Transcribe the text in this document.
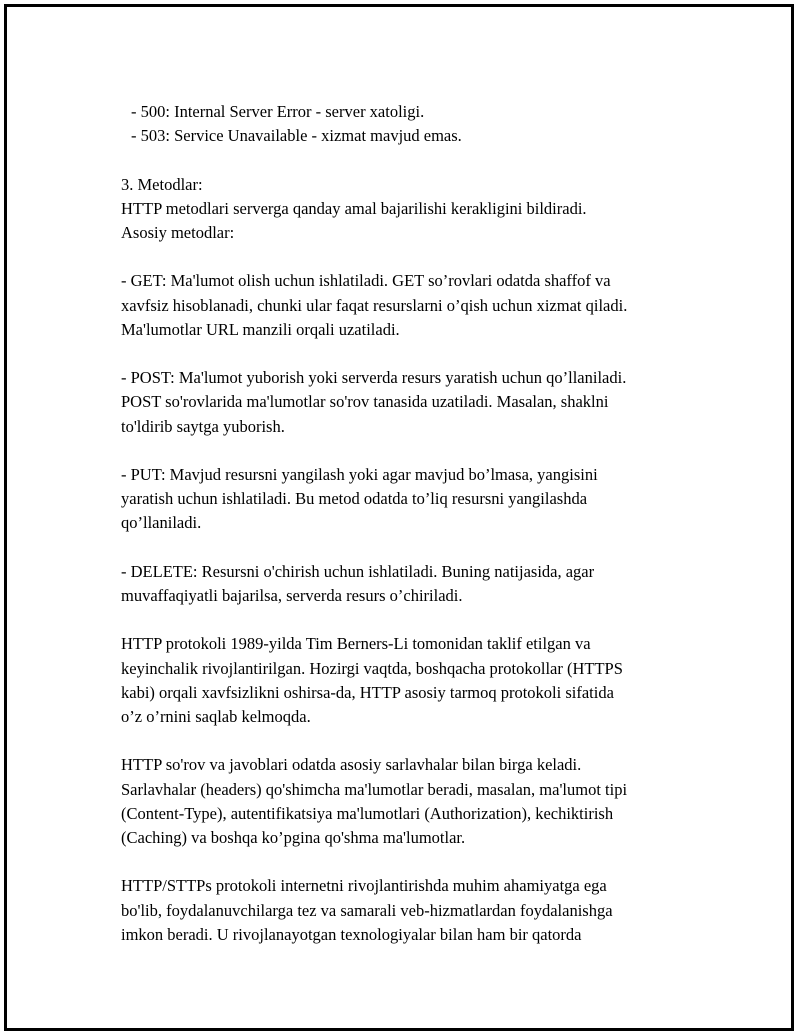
- 500: Internal Server Error - server xatoligi.
- 503: Service Unavailable - xizmat mavjud emas.

3. Metodlar:
HTTP metodlari serverga qanday amal bajarilishi kerakligini bildiradi.
Asosiy metodlar:

- GET: Ma'lumot olish uchun ishlatiladi. GET so’rovlari odatda shaffof va
xavfsiz hisoblanadi, chunki ular faqat resurslarni o’qish uchun xizmat qiladi.
Ma'lumotlar URL manzili orqali uzatiladi.

- POST: Ma'lumot yuborish yoki serverda resurs yaratish uchun qo’llaniladi.
POST so'rovlarida ma'lumotlar so'rov tanasida uzatiladi. Masalan, shaklni
to'ldirib saytga yuborish.

- PUT: Mavjud resursni yangilash yoki agar mavjud bo’lmasa, yangisini
yaratish uchun ishlatiladi. Bu metod odatda to’liq resursni yangilashda
qo’llaniladi.

- DELETE: Resursni o'chirish uchun ishlatiladi. Buning natijasida, agar
muvaffaqiyatli bajarilsa, serverda resurs o’chiriladi.

HTTP protokoli 1989-yilda Tim Berners-Li tomonidan taklif etilgan va
keyinchalik rivojlantirilgan. Hozirgi vaqtda, boshqacha protokollar (HTTPS
kabi) orqali xavfsizlikni oshirsa-da, HTTP asosiy tarmoq protokoli sifatida
o’z o’rnini saqlab kelmoqda.

HTTP so'rov va javoblari odatda asosiy sarlavhalar bilan birga keladi.
Sarlavhalar (headers) qo'shimcha ma'lumotlar beradi, masalan, ma'lumot tipi
(Content-Type), autentifikatsiya ma'lumotlari (Authorization), kechiktirish
(Caching) va boshqa ko’pgina qo'shma ma'lumotlar.

HTTP/STTPs protokoli internetni rivojlantirishda muhim ahamiyatga ega
bo'lib, foydalanuvchilarga tez va samarali veb-hizmatlardan foydalanishga
imkon beradi. U rivojlanayotgan texnologiyalar bilan ham bir qatorda
